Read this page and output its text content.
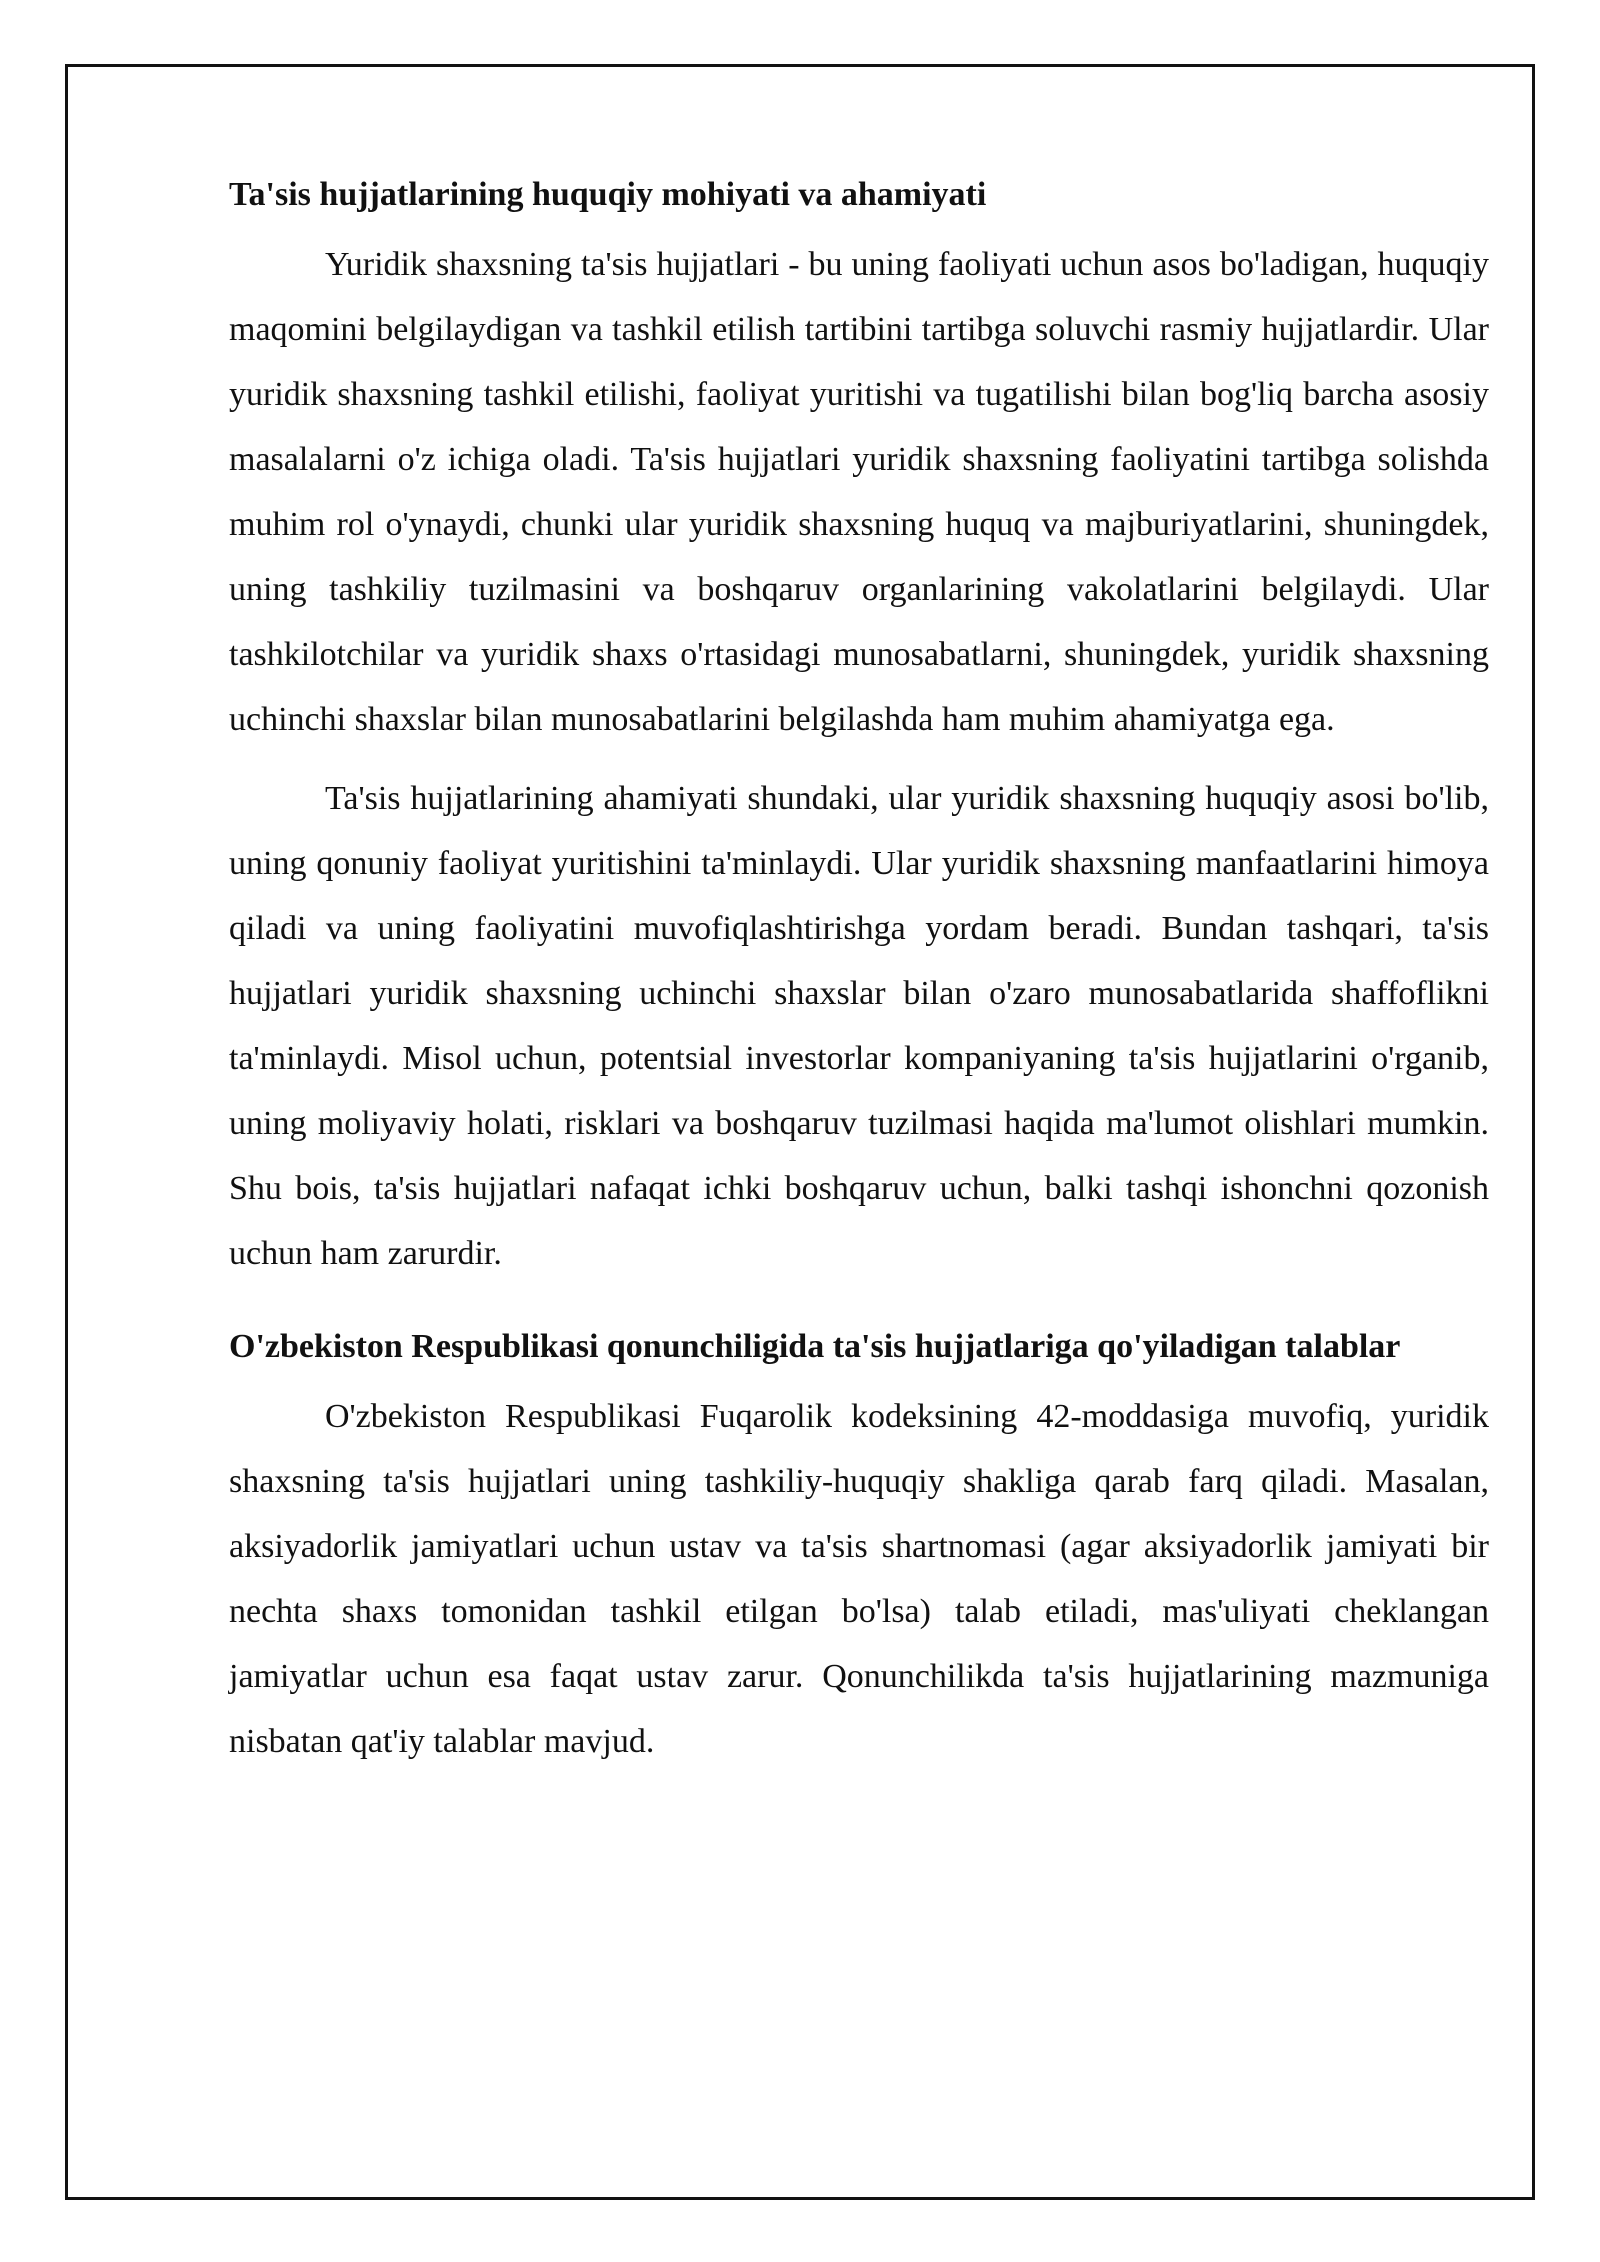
Ta'sis hujjatlarining huquqiy mohiyati va ahamiyati

Yuridik shaxsning ta'sis hujjatlari - bu uning faoliyati uchun asos bo'ladigan, huquqiy maqomini belgilaydigan va tashkil etilish tartibini tartibga soluvchi rasmiy hujjatlardir. Ular yuridik shaxsning tashkil etilishi, faoliyat yuritishi va tugatilishi bilan bog'liq barcha asosiy masalalarni o'z ichiga oladi. Ta'sis hujjatlari yuridik shaxsning faoliyatini tartibga solishda muhim rol o'ynaydi, chunki ular yuridik shaxsning huquq va majburiyatlarini, shuningdek, uning tashkiliy tuzilmasini va boshqaruv organlarining vakolatlarini belgilaydi. Ular tashkilotchilar va yuridik shaxs o'rtasidagi munosabatlarni, shuningdek, yuridik shaxsning uchinchi shaxslar bilan munosabatlarini belgilashda ham muhim ahamiyatga ega.

Ta'sis hujjatlarining ahamiyati shundaki, ular yuridik shaxsning huquqiy asosi bo'lib, uning qonuniy faoliyat yuritishini ta'minlaydi. Ular yuridik shaxsning manfaatlarini himoya qiladi va uning faoliyatini muvofiqlashtirishga yordam beradi. Bundan tashqari, ta'sis hujjatlari yuridik shaxsning uchinchi shaxslar bilan o'zaro munosabatlarida shaffoflikni ta'minlaydi. Misol uchun, potentsial investorlar kompaniyaning ta'sis hujjatlarini o'rganib, uning moliyaviy holati, risklari va boshqaruv tuzilmasi haqida ma'lumot olishlari mumkin. Shu bois, ta'sis hujjatlari nafaqat ichki boshqaruv uchun, balki tashqi ishonchni qozonish uchun ham zarurdir.

O'zbekiston Respublikasi qonunchiligida ta'sis hujjatlariga qo'yiladigan talablar

O'zbekiston Respublikasi Fuqarolik kodeksining 42-moddasiga muvofiq, yuridik shaxsning ta'sis hujjatlari uning tashkiliy-huquqiy shakliga qarab farq qiladi. Masalan, aksiyadorlik jamiyatlari uchun ustav va ta'sis shartnomasi (agar aksiyadorlik jamiyati bir nechta shaxs tomonidan tashkil etilgan bo'lsa) talab etiladi, mas'uliyati cheklangan jamiyatlar uchun esa faqat ustav zarur. Qonunchilikda ta'sis hujjatlarining mazmuniga nisbatan qat'iy talablar mavjud.
